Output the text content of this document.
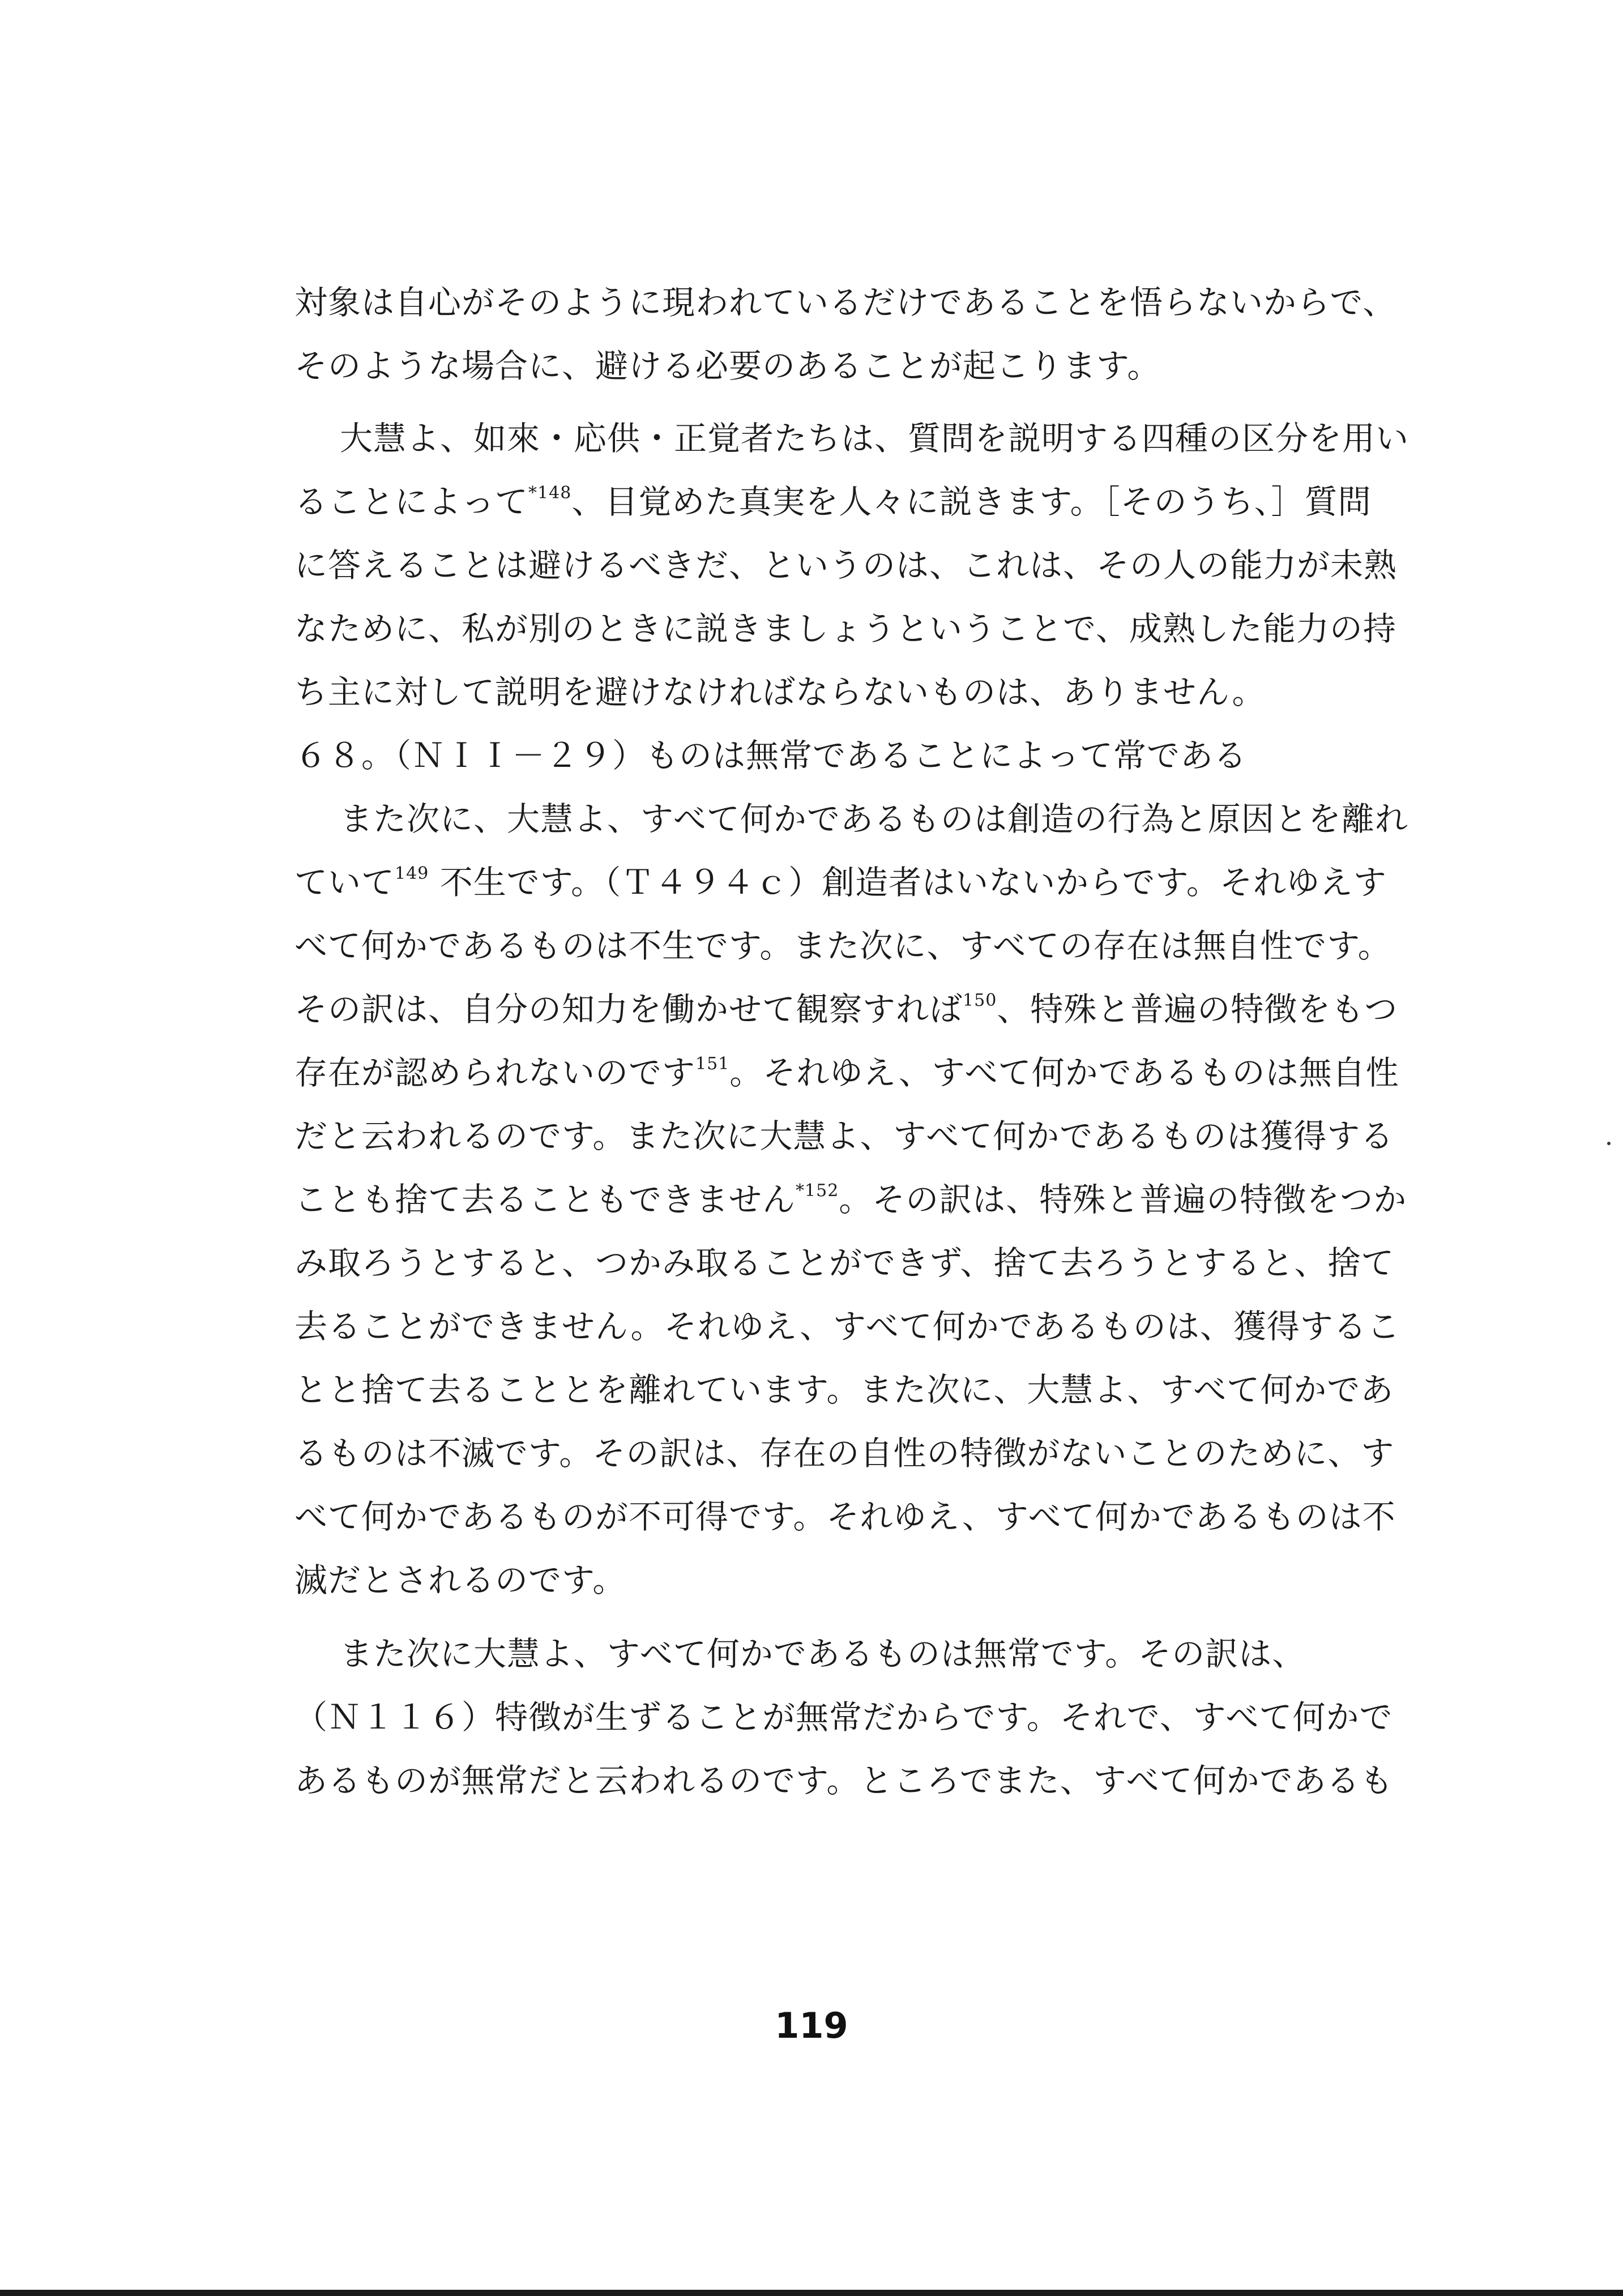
対象は自心がそのように現われているだけであることを悟らないからで、
そのような場合に、避ける必要のあることが起こります。
大慧よ、如來・応供・正覚者たちは、質問を説明する四種の区分を用い
ることによって$^{*148}$、目覚めた真実を人々に説きます。［そのうち、］質問
に答えることは避けるべきだ、というのは、これは、その人の能力が未熟
なために、私が別のときに説きましょうということで、成熟した能力の持
ち主に対して説明を避けなければならないものは、ありません。
６８。（ＮＩＩ－２９）ものは無常であることによって常である
また次に、大慧よ、すべて何かであるものは創造の行為と原因とを離れ
ていて$^{149}$ 不生です。（Ｔ４９４ｃ）創造者はいないからです。それゆえす
べて何かであるものは不生です。また次に、すべての存在は無自性です。
その訳は、自分の知力を働かせて観察すれば$^{150}$、特殊と普遍の特徴をもつ
存在が認められないのです$^{151}$。それゆえ、すべて何かであるものは無自性
だと云われるのです。また次に大慧よ、すべて何かであるものは獲得する
ことも捨て去ることもできません$^{*152}$。その訳は、特殊と普遍の特徴をつか
み取ろうとすると、つかみ取ることができず、捨て去ろうとすると、捨て
去ることができません。それゆえ、すべて何かであるものは、獲得するこ
とと捨て去ることとを離れています。また次に、大慧よ、すべて何かであ
るものは不滅です。その訳は、存在の自性の特徴がないことのために、す
べて何かであるものが不可得です。それゆえ、すべて何かであるものは不
滅だとされるのです。
また次に大慧よ、すべて何かであるものは無常です。その訳は、
（Ｎ１１６）特徴が生ずることが無常だからです。それで、すべて何かで
あるものが無常だと云われるのです。ところでまた、すべて何かであるも
119
